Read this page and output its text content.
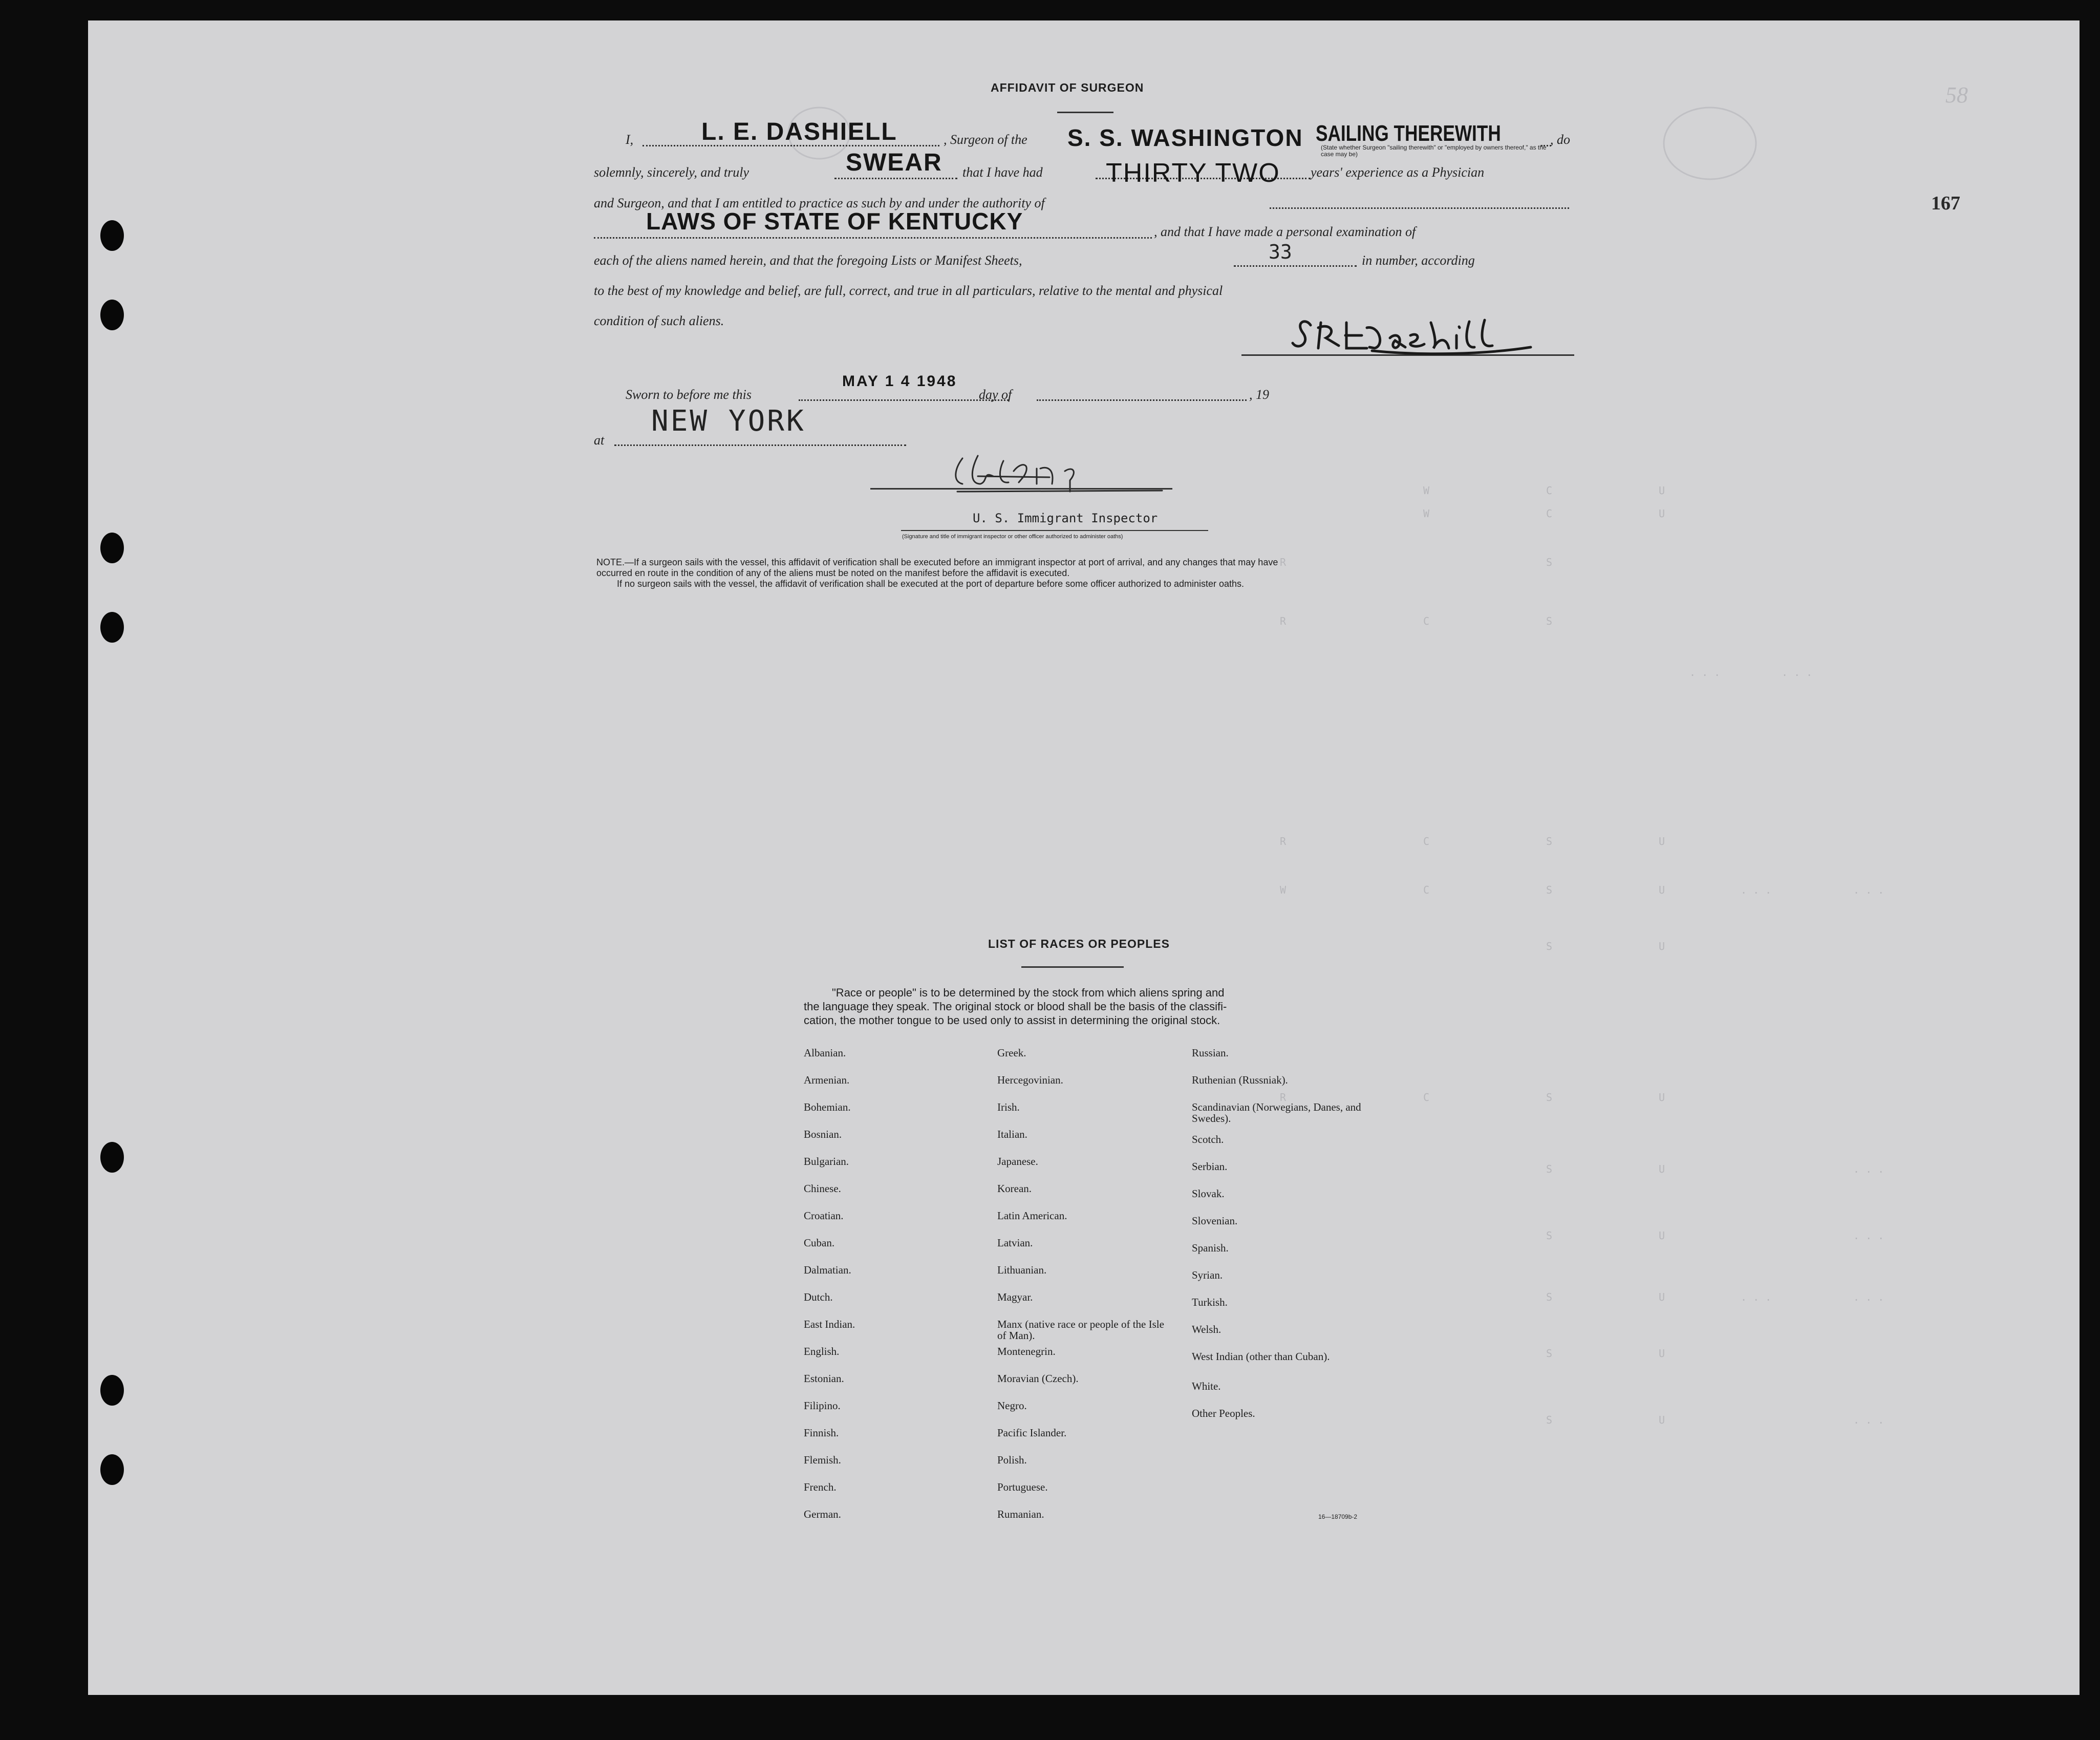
58
167
W	C	U
W	C	U
R	S
R	C	S
. . .	. . .
R	C	S	U
W	C	S	U	. . .	. . .
S	U
R	C	S	U
S	U	. . .
S	U	. . .
S	U	. . .	. . .
S	U
S	U	. . .
AFFIDAVIT OF SURGEON
I,	L. E. DASHIELL	, Surgeon of the S. S. WASHINGTON SAILING THEREWITH
(State whether Surgeon "sailing therewith" or "employed by owners thereof," as the case may be)
, do
solemnly, sincerely, and truly	SWEAR that I have had THIRTY TWO years' experience as a Physician
and Surgeon, and that I am entitled to practice as such by and under the authority of
LAWS OF STATE OF KENTUCKY	, and that I have made a personal examination of
each of the aliens named herein, and that the foregoing Lists or Manifest Sheets,	33	in number, according
to the best of my knowledge and belief, are full, correct, and true in all particulars, relative to the mental and physical
condition of such aliens.
Sworn to before me this
MAY 1 4 1948
day of	, 19
at
NEW YORK
U. S. Immigrant Inspector
(Signature and title of immigrant inspector or other officer authorized to administer oaths)
NOTE.—If a surgeon sails with the vessel, this affidavit of verification shall be executed before an immigrant inspector at port of arrival, and any changes that may have
occurred en route in the condition of any of the aliens must be noted on the manifest before the affidavit is executed.
If no surgeon sails with the vessel, the affidavit of verification shall be executed at the port of departure before some officer authorized to administer oaths.
LIST OF RACES OR PEOPLES
"Race or people" is to be determined by the stock from which aliens spring and
the language they speak. The original stock or blood shall be the basis of the classifi-
cation, the mother tongue to be used only to assist in determining the original stock.
Albanian.
Armenian.
Bohemian.
Bosnian.
Bulgarian.
Chinese.
Croatian.
Cuban.
Dalmatian.
Dutch.
East Indian.
English.
Estonian.
Filipino.
Finnish.
Flemish.
French.
German.
Greek.
Hercegovinian.
Irish.
Italian.
Japanese.
Korean.
Latin American.
Latvian.
Lithuanian.
Magyar.
Manx (native race or people of the Isle of Man).
Montenegrin.
Moravian (Czech).
Negro.
Pacific Islander.
Polish.
Portuguese.
Rumanian.
Russian.
Ruthenian (Russniak).
Scandinavian (Norwegians, Danes, and Swedes).
Scotch.
Serbian.
Slovak.
Slovenian.
Spanish.
Syrian.
Turkish.
Welsh.
West Indian (other than Cuban).
White.
Other Peoples.
16—18709b-2
